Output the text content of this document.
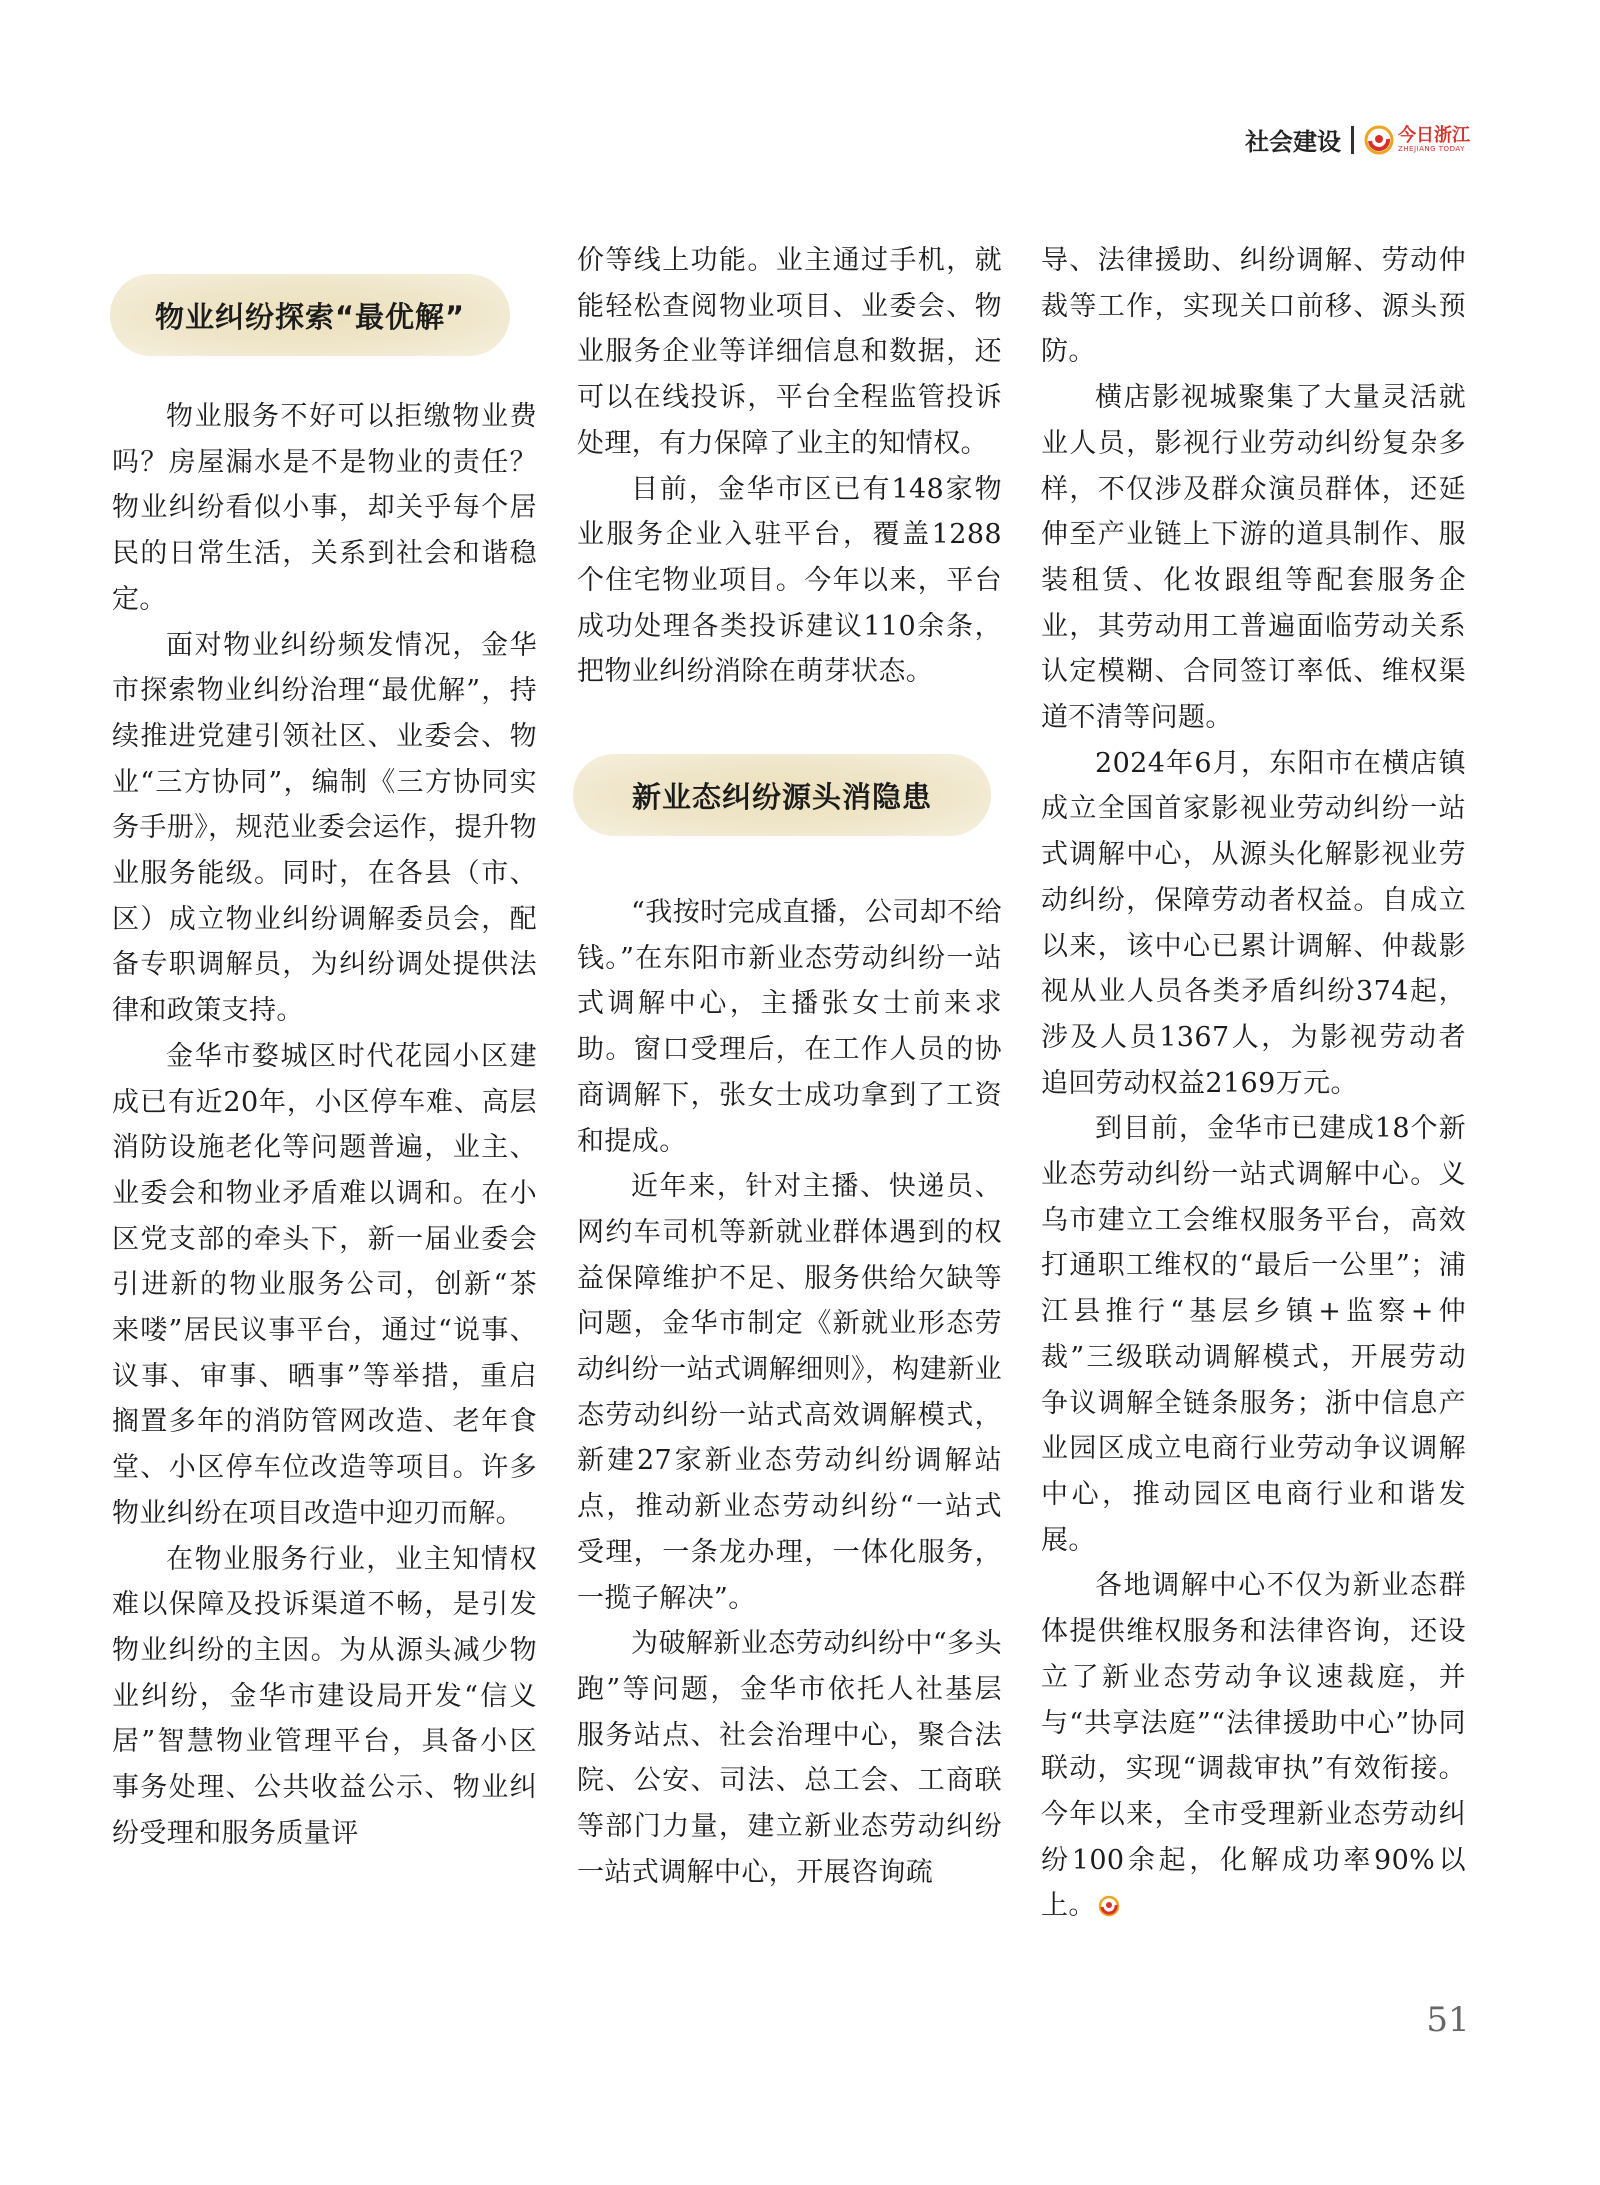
社会建设	今日浙江
ZHEJIANG TODAY
物业纠纷探索“最优解”

物业服务不好可以拒缴物业费吗？房屋漏水是不是物业的责任？物业纠纷看似小事，却关乎每个居民的日常生活，关系到社会和谐稳定。

面对物业纠纷频发情况，金华市探索物业纠纷治理“最优解”，持续推进党建引领社区、业委会、物业“三方协同”，编制《三方协同实务手册》，规范业委会运作，提升物业服务能级。同时，在各县（市、区）成立物业纠纷调解委员会，配备专职调解员，为纠纷调处提供法律和政策支持。

金华市婺城区时代花园小区建成已有近20年，小区停车难、高层消防设施老化等问题普遍，业主、业委会和物业矛盾难以调和。在小区党支部的牵头下，新一届业委会引进新的物业服务公司，创新“茶来喽”居民议事平台，通过“说事、议事、审事、晒事”等举措，重启搁置多年的消防管网改造、老年食堂、小区停车位改造等项目。许多物业纠纷在项目改造中迎刃而解。

在物业服务行业，业主知情权难以保障及投诉渠道不畅，是引发物业纠纷的主因。为从源头减少物业纠纷，金华市建设局开发“信义居”智慧物业管理平台，具备小区事务处理、公共收益公示、物业纠纷受理和服务质量评

价等线上功能。业主通过手机，就能轻松查阅物业项目、业委会、物业服务企业等详细信息和数据，还可以在线投诉，平台全程监管投诉处理，有力保障了业主的知情权。

目前，金华市区已有148家物业服务企业入驻平台，覆盖1288个住宅物业项目。今年以来，平台成功处理各类投诉建议110余条，把物业纠纷消除在萌芽状态。

新业态纠纷源头消隐患

“我按时完成直播，公司却不给钱。”在东阳市新业态劳动纠纷一站式调解中心，主播张女士前来求助。窗口受理后，在工作人员的协商调解下，张女士成功拿到了工资和提成。

近年来，针对主播、快递员、网约车司机等新就业群体遇到的权益保障维护不足、服务供给欠缺等问题，金华市制定《新就业形态劳动纠纷一站式调解细则》，构建新业态劳动纠纷一站式高效调解模式，新建27家新业态劳动纠纷调解站点，推动新业态劳动纠纷“一站式受理，一条龙办理，一体化服务，一揽子解决”。

为破解新业态劳动纠纷中“多头跑”等问题，金华市依托人社基层服务站点、社会治理中心，聚合法院、公安、司法、总工会、工商联等部门力量，建立新业态劳动纠纷一站式调解中心，开展咨询疏

导、法律援助、纠纷调解、劳动仲裁等工作，实现关口前移、源头预防。

横店影视城聚集了大量灵活就业人员，影视行业劳动纠纷复杂多样，不仅涉及群众演员群体，还延伸至产业链上下游的道具制作、服装租赁、化妆跟组等配套服务企业，其劳动用工普遍面临劳动关系认定模糊、合同签订率低、维权渠道不清等问题。

2024年6月，东阳市在横店镇成立全国首家影视业劳动纠纷一站式调解中心，从源头化解影视业劳动纠纷，保障劳动者权益。自成立以来，该中心已累计调解、仲裁影视从业人员各类矛盾纠纷374起，涉及人员1367人，为影视劳动者追回劳动权益2169万元。

到目前，金华市已建成18个新业态劳动纠纷一站式调解中心。义乌市建立工会维权服务平台，高效打通职工维权的“最后一公里”；浦江县推行“基层乡镇+监察+仲裁”三级联动调解模式，开展劳动争议调解全链条服务；浙中信息产业园区成立电商行业劳动争议调解中心，推动园区电商行业和谐发展。

各地调解中心不仅为新业态群体提供维权服务和法律咨询，还设立了新业态劳动争议速裁庭，并与“共享法庭”“法律援助中心”协同联动，实现“调裁审执”有效衔接。今年以来，全市受理新业态劳动纠纷100余起，化解成功率90%以上。

51
